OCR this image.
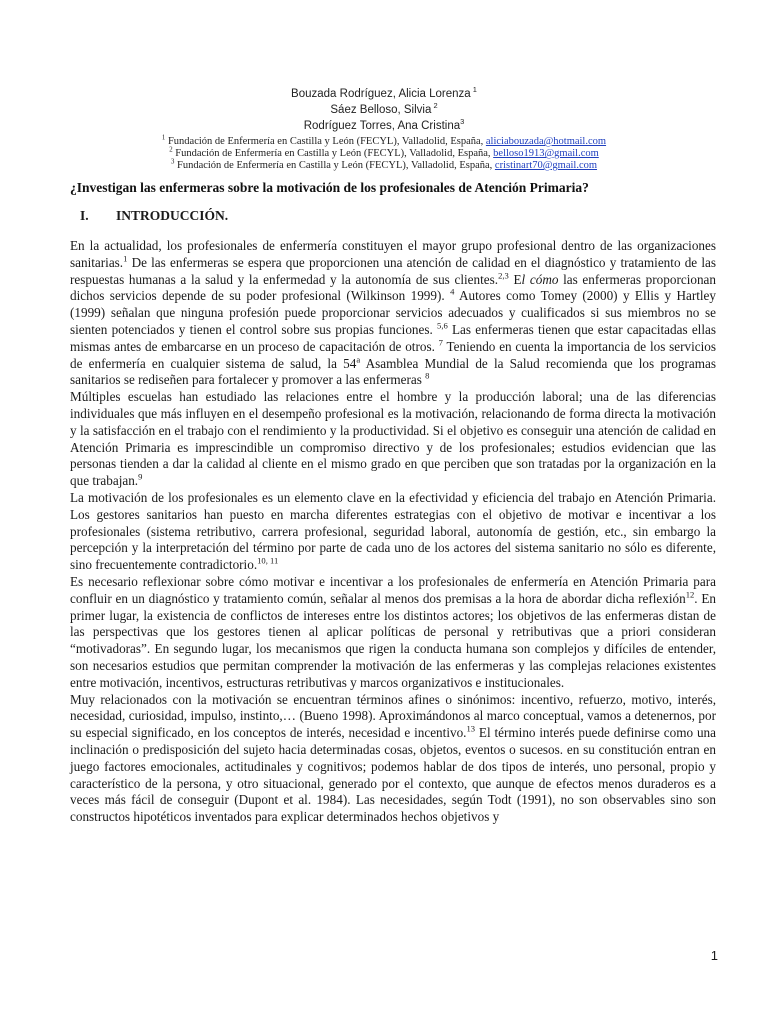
Bouzada Rodríguez, Alicia Lorenza $^1$
Sáez Belloso, Silvia $^2$
Rodríguez Torres, Ana Cristina$^3$
$^1$ Fundación de Enfermería en Castilla y León (FECYL), Valladolid, España, aliciabouzada@hotmail.com
$^2$ Fundación de Enfermería en Castilla y León (FECYL), Valladolid, España, belloso1913@gmail.com
$^3$ Fundación de Enfermería en Castilla y León (FECYL), Valladolid, España, cristinart70@gmail.com
¿Investigan las enfermeras sobre la motivación de los profesionales de Atención Primaria?
I. INTRODUCCIÓN.

En la actualidad, los profesionales de enfermería constituyen el mayor grupo profesional dentro de las organizaciones sanitarias.$^1$ De las enfermeras se espera que proporcionen una atención de calidad en el diagnóstico y tratamiento de las respuestas humanas a la salud y la enfermedad y la autonomía de sus clientes.$^{2,3}$ El cómo las enfermeras proporcionan dichos servicios depende de su poder profesional (Wilkinson 1999). $^4$ Autores como Tomey (2000) y Ellis y Hartley (1999) señalan que ninguna profesión puede proporcionar servicios adecuados y cualificados si sus miembros no se sienten potenciados y tienen el control sobre sus propias funciones. $^{5,6}$ Las enfermeras tienen que estar capacitadas ellas mismas antes de embarcarse en un proceso de capacitación de otros. $^7$ Teniendo en cuenta la importancia de los servicios de enfermería en cualquier sistema de salud, la 54$^a$ Asamblea Mundial de la Salud recomienda que los programas sanitarios se rediseñen para fortalecer y promover a las enfermeras $^8$

Múltiples escuelas han estudiado las relaciones entre el hombre y la producción laboral; una de las diferencias individuales que más influyen en el desempeño profesional es la motivación, relacionando de forma directa la motivación y la satisfacción en el trabajo con el rendimiento y la productividad. Si el objetivo es conseguir una atención de calidad en Atención Primaria es imprescindible un compromiso directivo y de los profesionales; estudios evidencian que las personas tienden a dar la calidad al cliente en el mismo grado en que perciben que son tratadas por la organización en la que trabajan.$^9$

La motivación de los profesionales es un elemento clave en la efectividad y eficiencia del trabajo en Atención Primaria. Los gestores sanitarios han puesto en marcha diferentes estrategias con el objetivo de motivar e incentivar a los profesionales (sistema retributivo, carrera profesional, seguridad laboral, autonomía de gestión, etc., sin embargo la percepción y la interpretación del término por parte de cada uno de los actores del sistema sanitario no sólo es diferente, sino frecuentemente contradictorio.$^{10, 11}$

Es necesario reflexionar sobre cómo motivar e incentivar a los profesionales de enfermería en Atención Primaria para confluir en un diagnóstico y tratamiento común, señalar al menos dos premisas a la hora de abordar dicha reflexión$^{12}$. En primer lugar, la existencia de conflictos de intereses entre los distintos actores; los objetivos de las enfermeras distan de las perspectivas que los gestores tienen al aplicar políticas de personal y retributivas que a priori consideran “motivadoras”. En segundo lugar, los mecanismos que rigen la conducta humana son complejos y difíciles de entender, son necesarios estudios que permitan comprender la motivación de las enfermeras y las complejas relaciones existentes entre motivación, incentivos, estructuras retributivas y marcos organizativos e institucionales.

Muy relacionados con la motivación se encuentran términos afines o sinónimos: incentivo, refuerzo, motivo, interés, necesidad, curiosidad, impulso, instinto,… (Bueno 1998). Aproximándonos al marco conceptual, vamos a detenernos, por su especial significado, en los conceptos de interés, necesidad e incentivo.$^{13}$ El término interés puede definirse como una inclinación o predisposición del sujeto hacia determinadas cosas, objetos, eventos o sucesos. en su constitución entran en juego factores emocionales, actitudinales y cognitivos; podemos hablar de dos tipos de interés, uno personal, propio y característico de la persona, y otro situacional, generado por el contexto, que aunque de efectos menos duraderos es a veces más fácil de conseguir (Dupont et al. 1984). Las necesidades, según Todt (1991), no son observables sino son constructos hipotéticos inventados para explicar determinados hechos objetivos y

1
